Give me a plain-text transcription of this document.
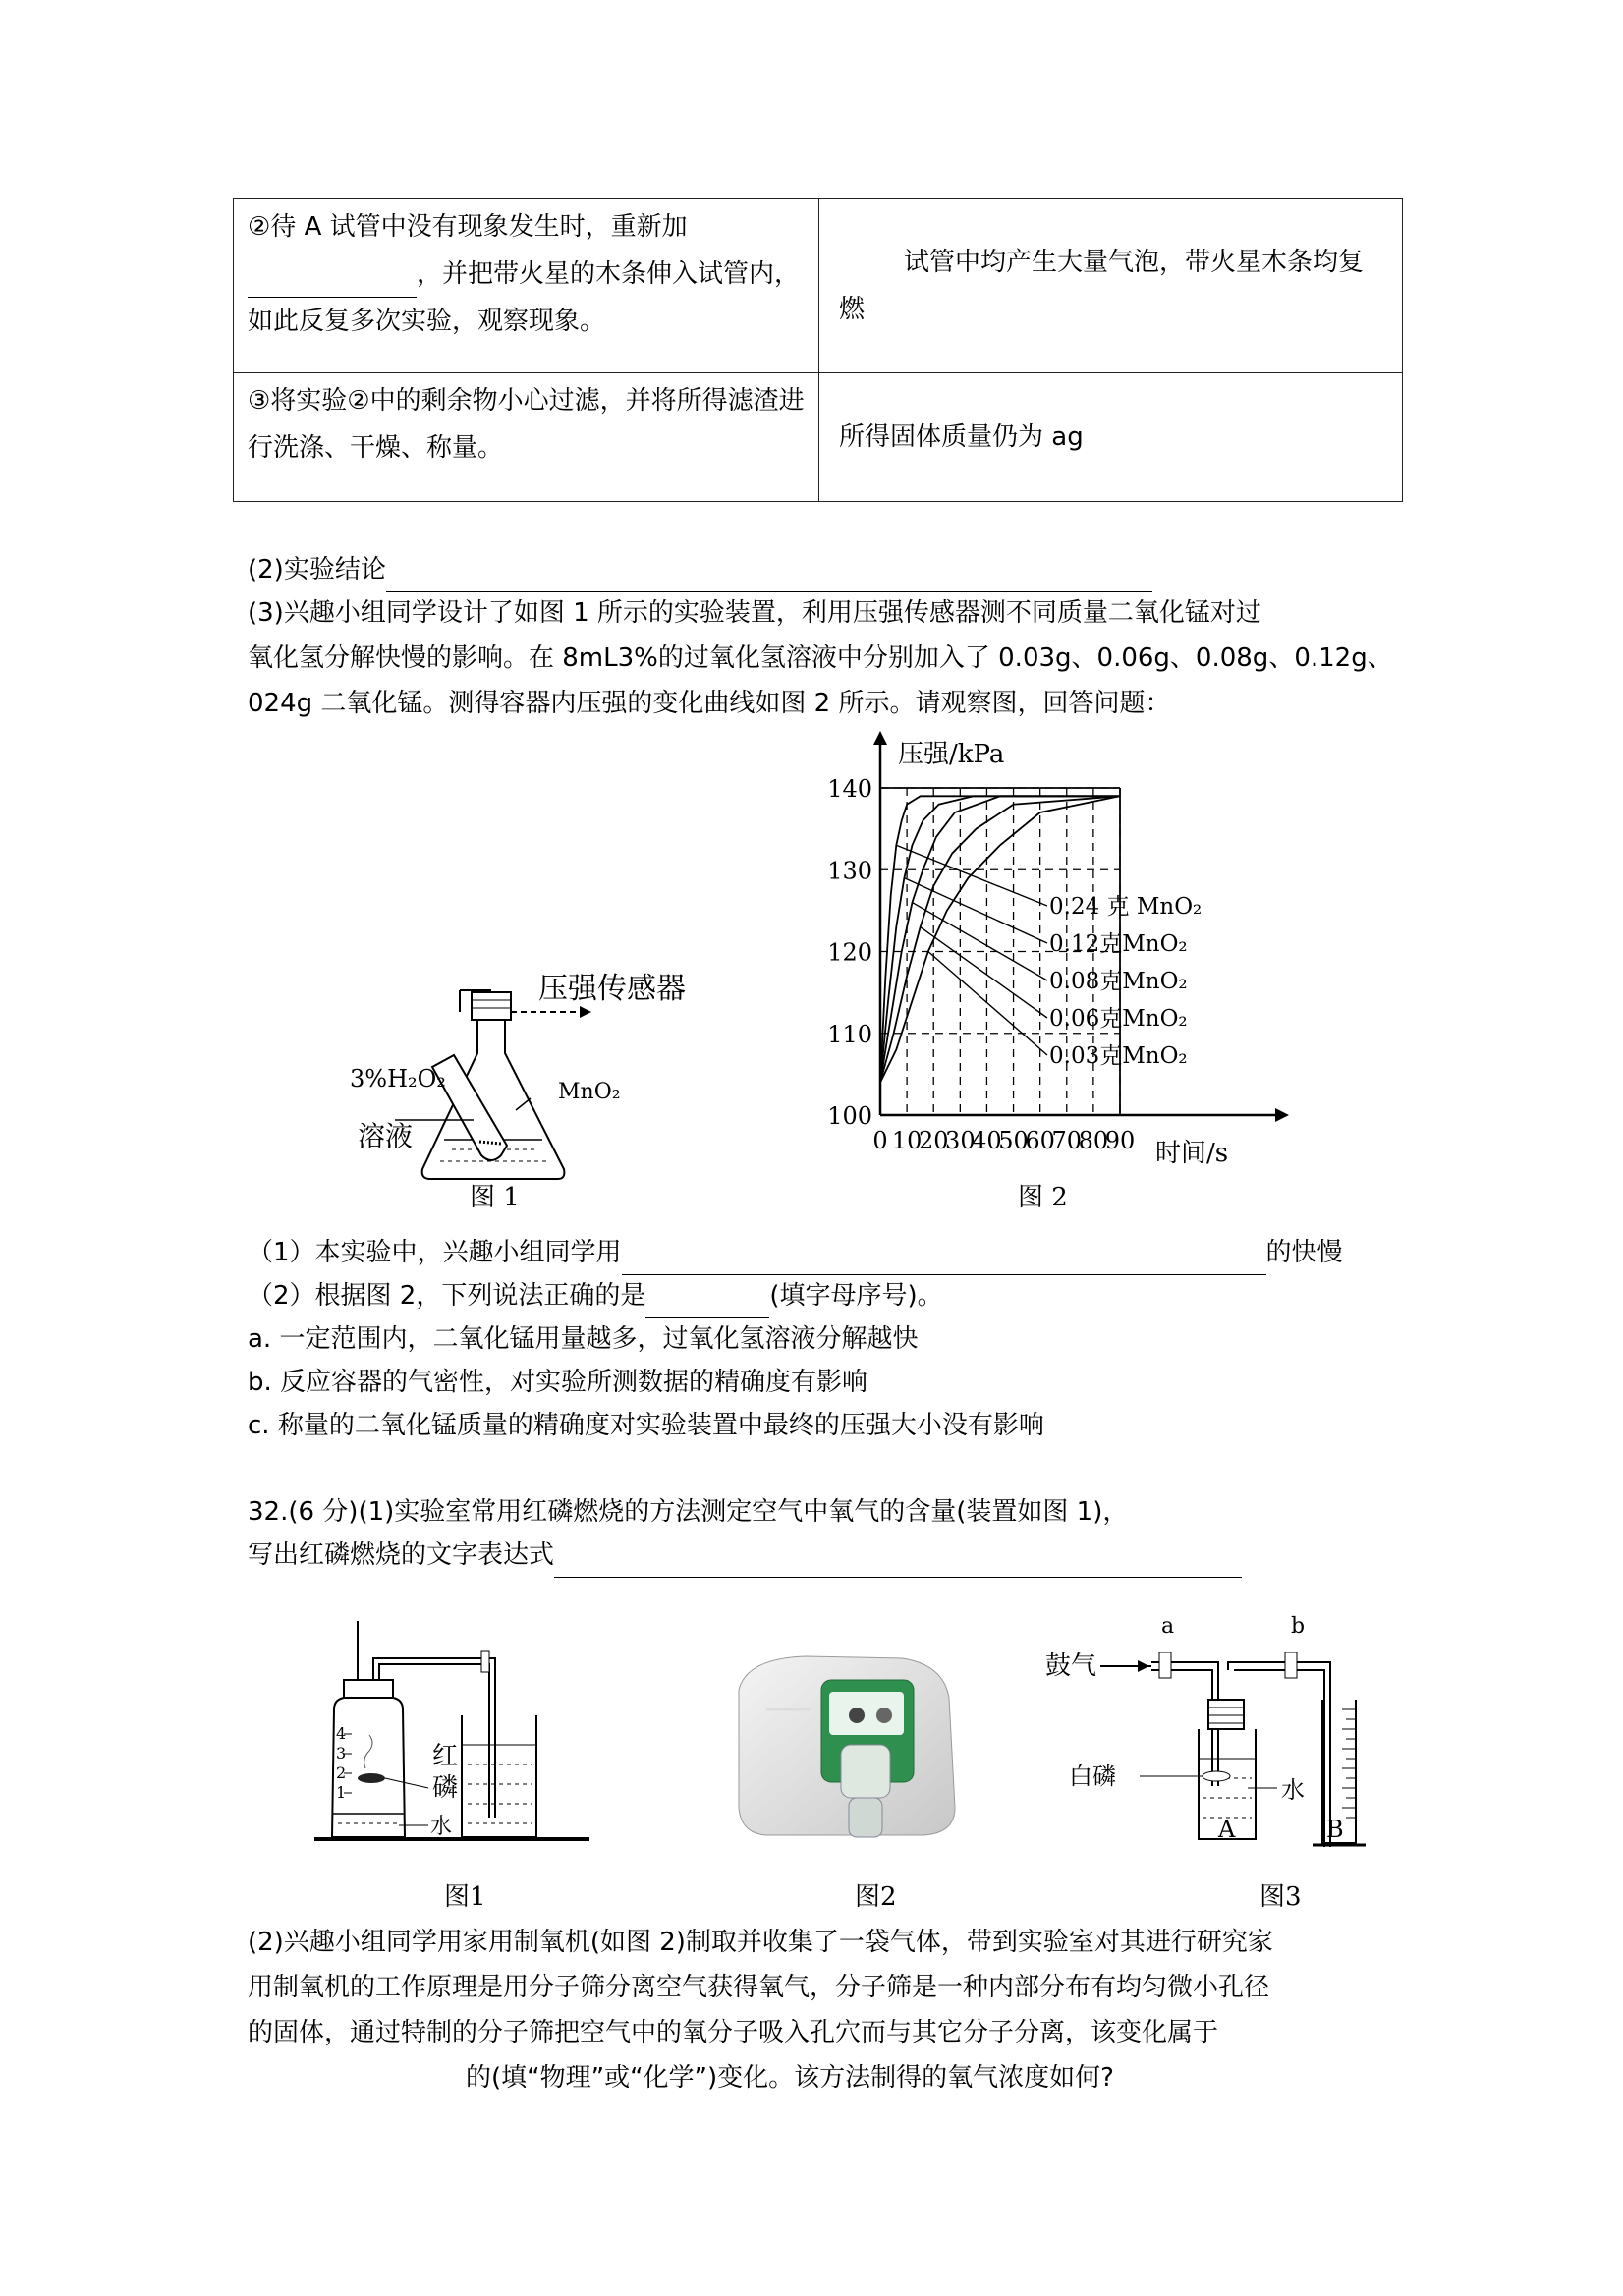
②待 A 试管中没有现象发生时，重新加
，并把带火星的木条伸入试管内，如此反复多次实验，观察现象。	试管中均产生大量气泡，带火星木条均复燃
③将实验②中的剩余物小心过滤，并将所得滤渣进行洗涤、干燥、称量。	所得固体质量仍为 ag
(2)实验结论
(3)兴趣小组同学设计了如图 1 所示的实验装置，利用压强传感器测不同质量二氧化锰对过
氧化氢分解快慢的影响。在 8mL3%的过氧化氢溶液中分别加入了 0.03g、0.06g、0.08g、0.12g、
024g 二氧化锰。测得容器内压强的变化曲线如图 2 所示。请观察图，回答问题：
压强传感器
3%H₂O₂
溶液
MnO₂
图 1
100
110
120
130
140
0 10
20
30
40
50
60
70
80
90
0.24 克 MnO₂
0.12克MnO₂
0.08克MnO₂
0.06克MnO₂
0.03克MnO₂
压强/kPa
时间/s
图 2
（1）本实验中，兴趣小组同学用	的快慢
（2）根据图 2，下列说法正确的是	(填字母序号)。
a. 一定范围内，二氧化锰用量越多，过氧化氢溶液分解越快
b. 反应容器的气密性，对实验所测数据的精确度有影响
c. 称量的二氧化锰质量的精确度对实验装置中最终的压强大小没有影响
32.(6 分)(1)实验室常用红磷燃烧的方法测定空气中氧气的含量(装置如图 1)，
写出红磷燃烧的文字表达式
4
3
2
1
红
磷
水
图1	图2
a	b
鼓气
白磷	水
A	B
图3
(2)兴趣小组同学用家用制氧机(如图 2)制取并收集了一袋气体，带到实验室对其进行研究家
用制氧机的工作原理是用分子筛分离空气获得氧气，分子筛是一种内部分布有均匀微小孔径
的固体，通过特制的分子筛把空气中的氧分子吸入孔穴而与其它分子分离，该变化属于
的(填“物理”或“化学”)变化。该方法制得的氧气浓度如何?
